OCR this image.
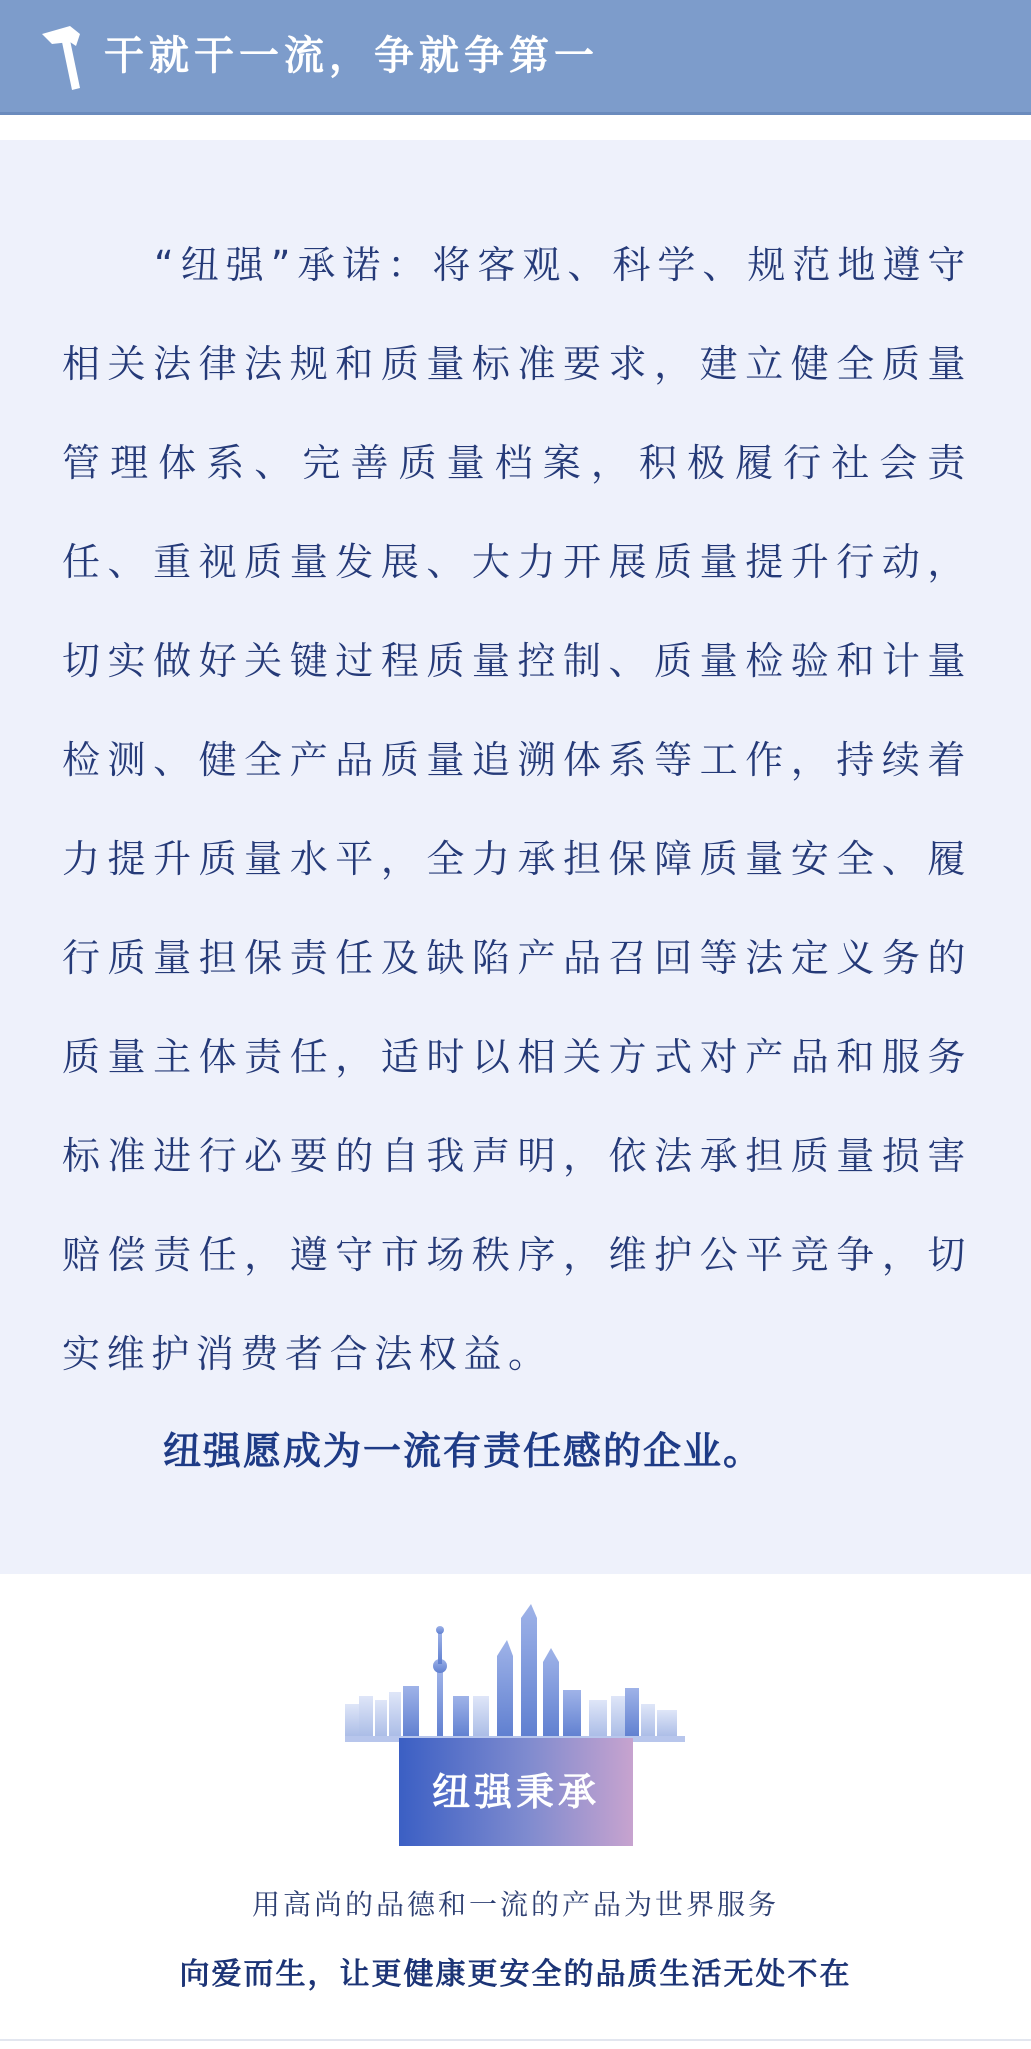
干就干一流，争就争第一

“纽强”承诺：将客观、科学、规范地遵守相关法律法规和质量标准要求，建立健全质量管理体系、完善质量档案，积极履行社会责任、重视质量发展、大力开展质量提升行动，切实做好关键过程质量控制、质量检验和计量检测、健全产品质量追溯体系等工作，持续着力提升质量水平，全力承担保障质量安全、履行质量担保责任及缺陷产品召回等法定义务的质量主体责任，适时以相关方式对产品和服务标准进行必要的自我声明，依法承担质量损害赔偿责任，遵守市场秩序，维护公平竞争，切实维护消费者合法权益。

纽强愿成为一流有责任感的企业。
纽强秉承
用高尚的品德和一流的产品为世界服务
向爱而生，让更健康更安全的品质生活无处不在
